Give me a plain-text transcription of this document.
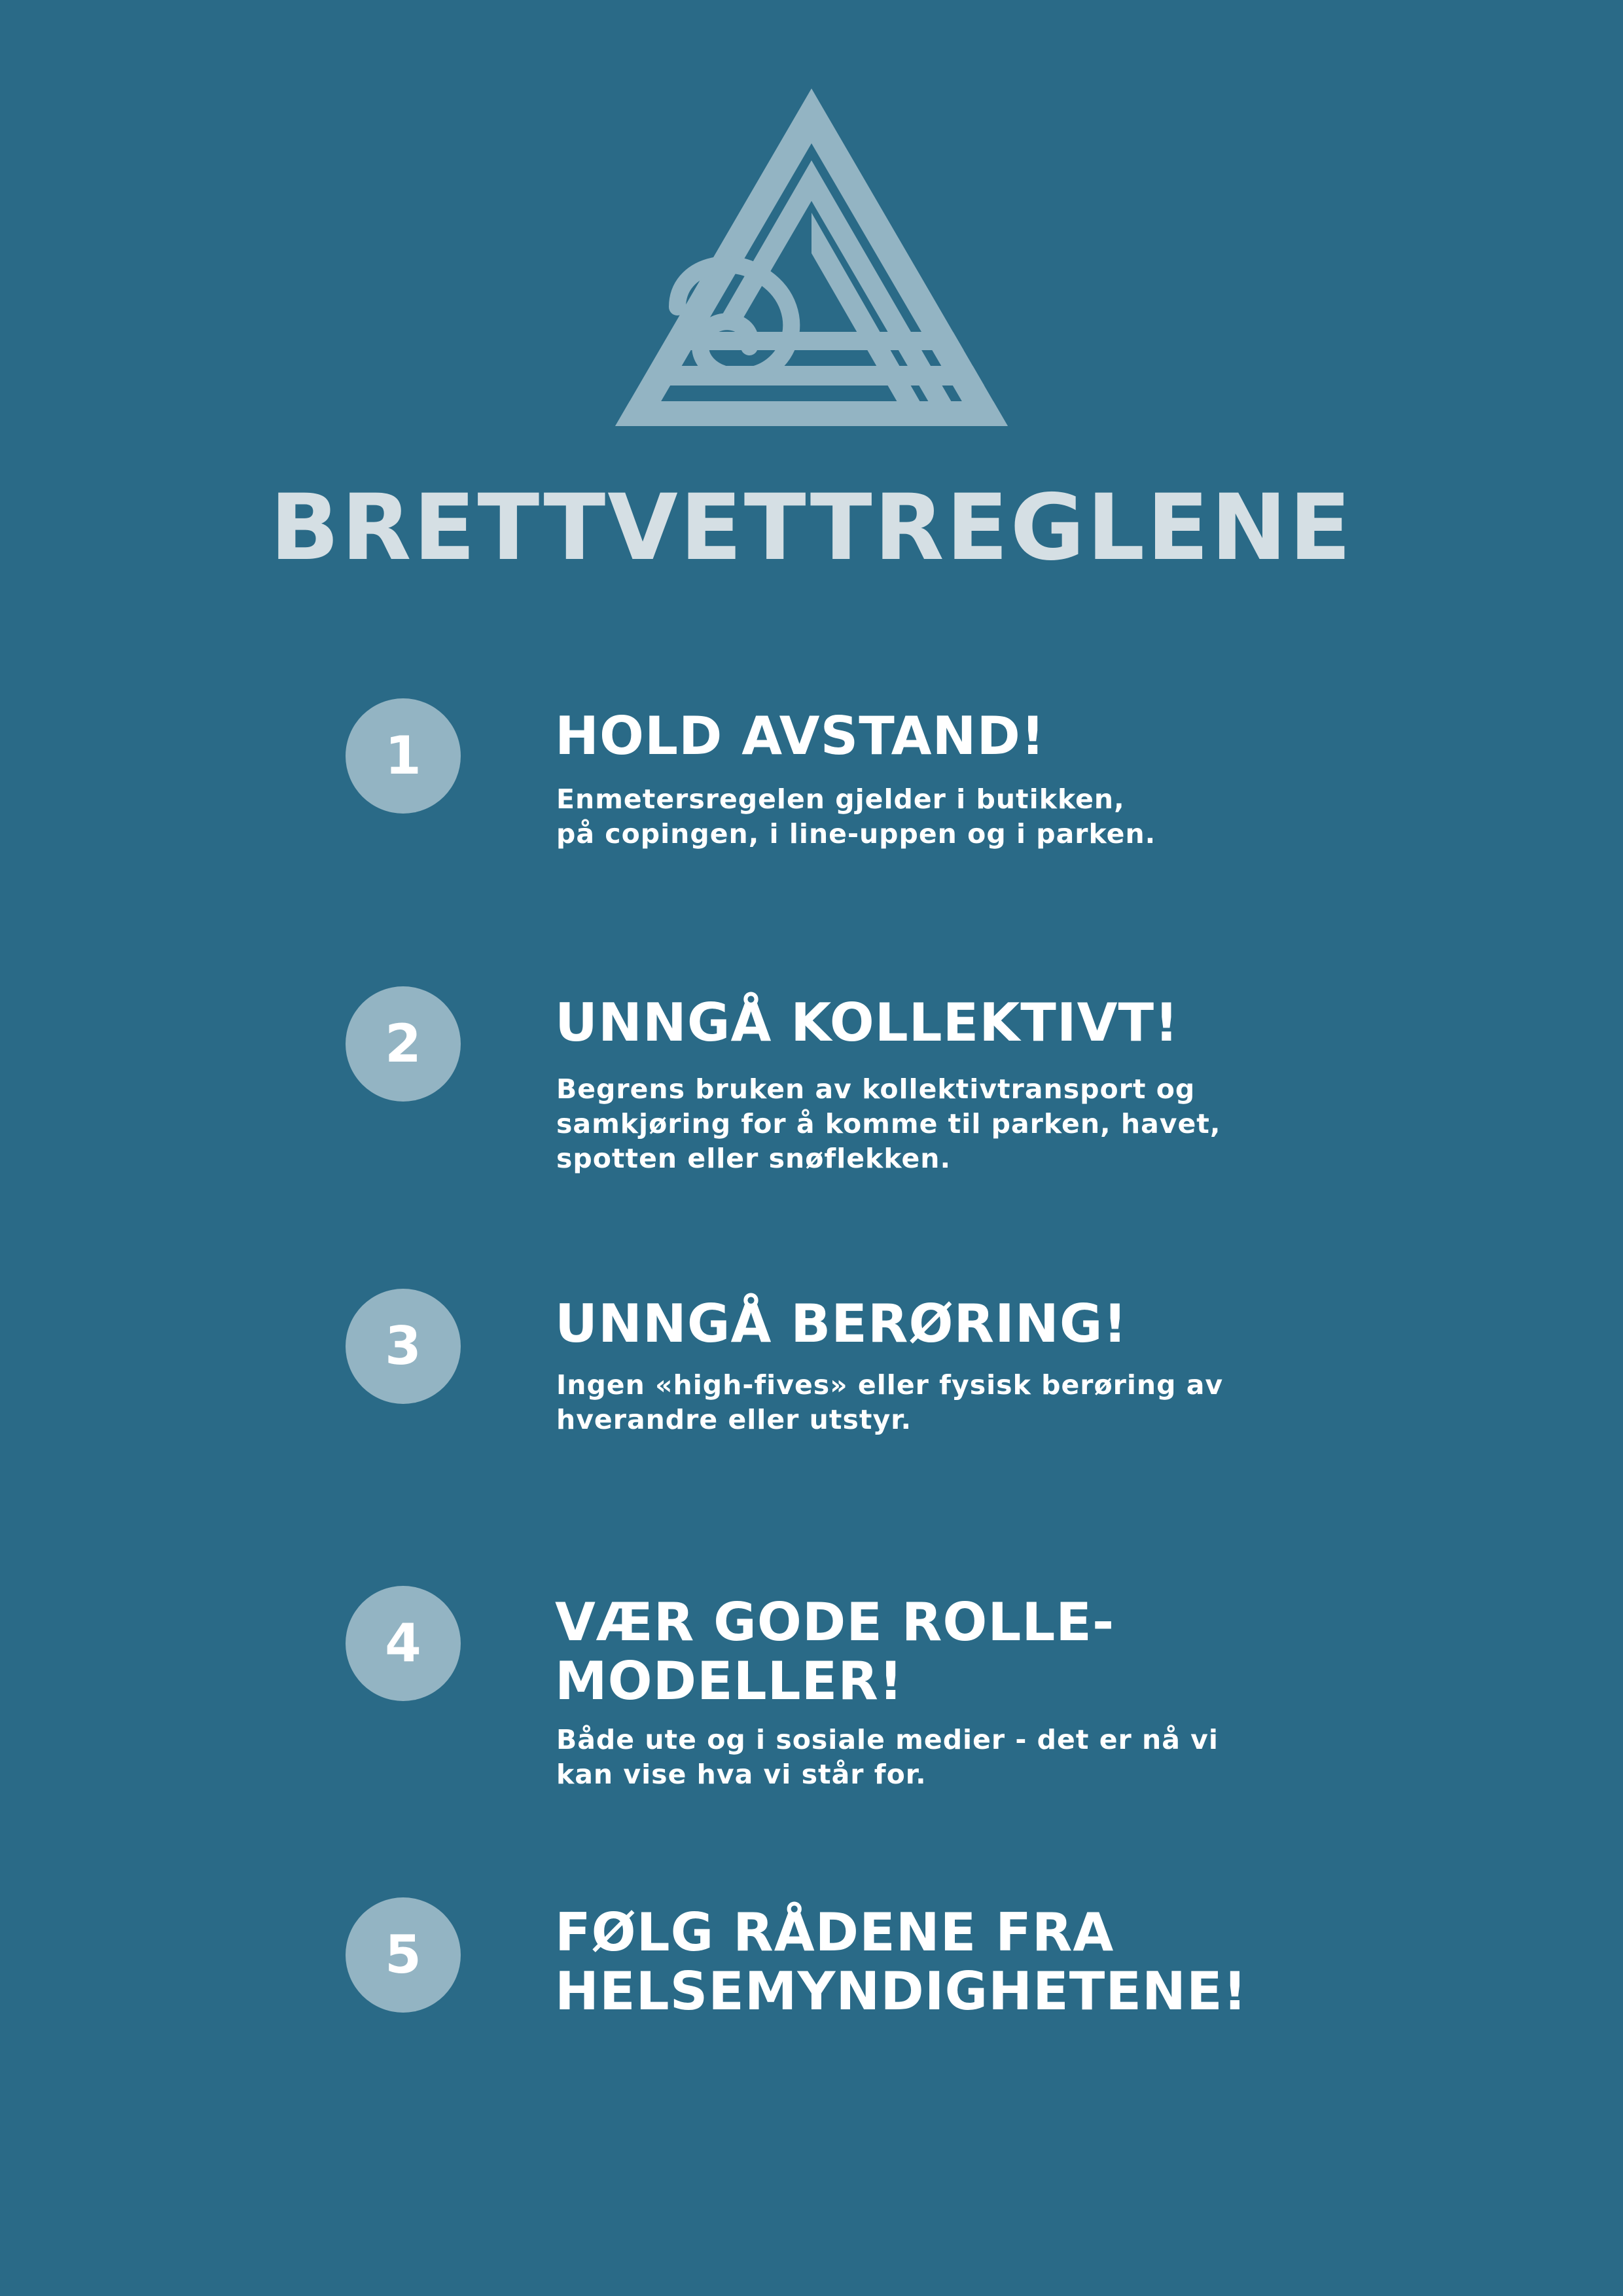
BRETTVETTREGLENE
1	HOLD AVSTAND!
Enmetersregelen gjelder i butikken,
på copingen, i line-uppen og i parken.
2	UNNGÅ KOLLEKTIVT!
Begrens bruken av kollektivtransport og
samkjøring for å komme til parken, havet,
spotten eller snøflekken.
3	UNNGÅ BERØRING!
Ingen «high-fives» eller fysisk berøring av
hverandre eller utstyr.
4	VÆR GODE ROLLE-
MODELLER!
Både ute og i sosiale medier - det er nå vi
kan vise hva vi står for.
5	FØLG RÅDENE FRA
HELSEMYNDIGHETENE!
